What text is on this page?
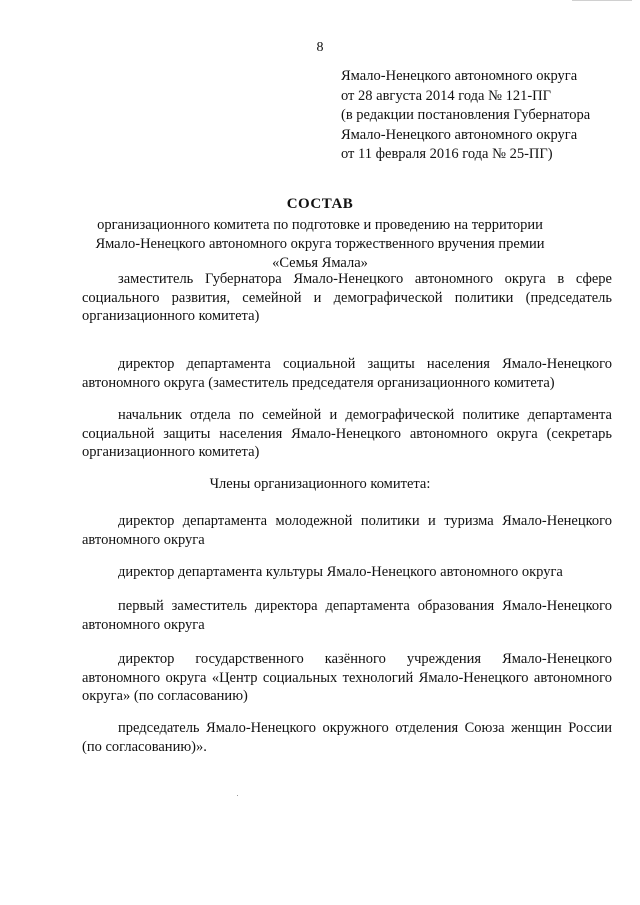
8
Ямало-Ненецкого автономного округа
от 28 августа 2014 года № 121-ПГ
(в редакции постановления Губернатора
Ямало-Ненецкого автономного округа
от 11 февраля 2016 года № 25-ПГ)
СОСТАВ
организационного комитета по подготовке и проведению на территории
Ямало-Ненецкого автономного округа торжественного вручения премии
«Семья Ямала»

заместитель Губернатора Ямало-Ненецкого автономного округа в сфере социального развития, семейной и демографической политики (председатель организационного комитета)

директор департамента социальной защиты населения Ямало-Ненецкого автономного округа (заместитель председателя организационного комитета)

начальник отдела по семейной и демографической политике департамента социальной защиты населения Ямало-Ненецкого автономного округа (секретарь организационного комитета)

Члены организационного комитета:

директор департамента молодежной политики и туризма Ямало-Ненецкого автономного округа

директор департамента культуры Ямало-Ненецкого автономного округа

первый заместитель директора департамента образования Ямало-Ненецкого автономного округа

директор государственного казённого учреждения Ямало-Ненецкого автономного округа «Центр социальных технологий Ямало-Ненецкого автономного округа» (по согласованию)

председатель Ямало-Ненецкого окружного отделения Союза женщин России (по согласованию)».
